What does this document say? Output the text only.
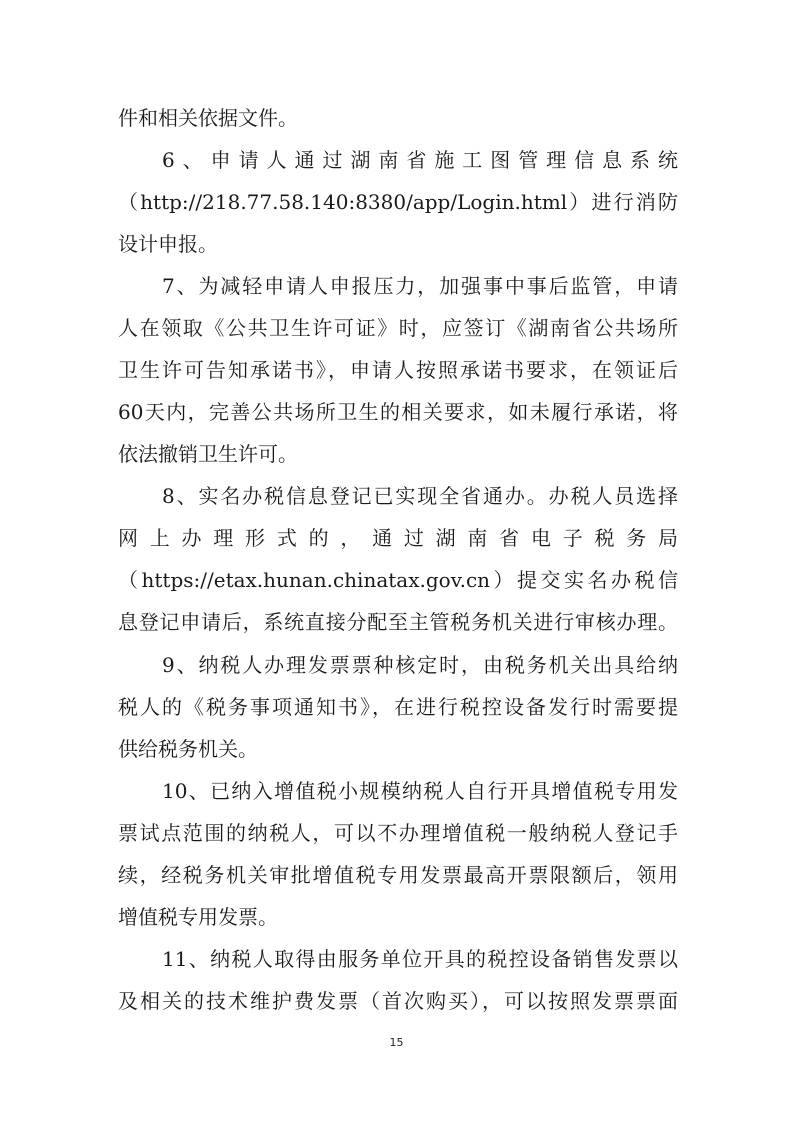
件和相关依据文件。
6、申请人通过湖南省施工图管理信息系统
（http://218.77.58.140:8380/app/Login.html）进行消防
设计申报。
7、为减轻申请人申报压力，加强事中事后监管，申请
人在领取《公共卫生许可证》时，应签订《湖南省公共场所
卫生许可告知承诺书》，申请人按照承诺书要求，在领证后
60天内，完善公共场所卫生的相关要求，如未履行承诺，将
依法撤销卫生许可。
8、实名办税信息登记已实现全省通办。办税人员选择
网上办理形式的，通过湖南省电子税务局
（https://etax.hunan.chinatax.gov.cn）提交实名办税信
息登记申请后，系统直接分配至主管税务机关进行审核办理。
9、纳税人办理发票票种核定时，由税务机关出具给纳
税人的《税务事项通知书》，在进行税控设备发行时需要提
供给税务机关。
10、已纳入增值税小规模纳税人自行开具增值税专用发
票试点范围的纳税人，可以不办理增值税一般纳税人登记手
续，经税务机关审批增值税专用发票最高开票限额后，领用
增值税专用发票。
11、纳税人取得由服务单位开具的税控设备销售发票以
及相关的技术维护费发票（首次购买），可以按照发票票面
15
